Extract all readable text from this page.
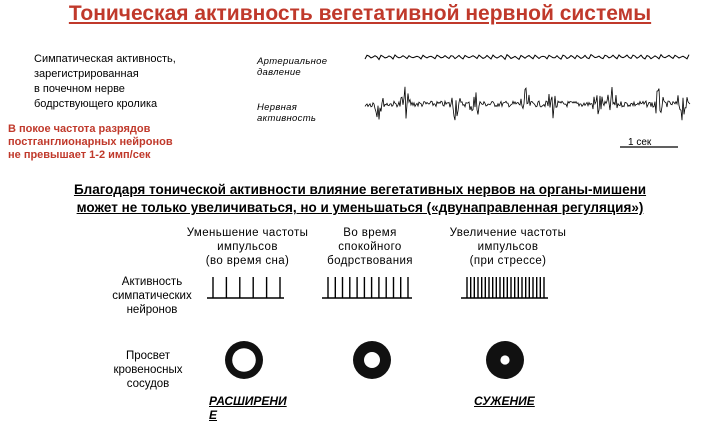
Тоническая активность вегетативной нервной системы
Симпатическая активность,
зарегистрированная
в почечном нерве
бодрствующего кролика
В покое частота разрядов
постганглионарных нейронов
не превышает 1-2 имп/сек
Артериальное
давление
Нервная
активность
1 сек
Благодаря тонической активности влияние вегетативных нервов на органы-мишени
может не только увеличиваться, но и уменьшаться («двунаправленная регуляция»)
Уменьшение частоты
импульсов
(во время сна)
Во время
спокойного
бодрствования
Увеличение частоты
импульсов
(при стрессе)
Активность
симпатических
нейронов
Просвет
кровеносных
сосудов
РАСШИРЕНИ
Е
СУЖЕНИЕ
